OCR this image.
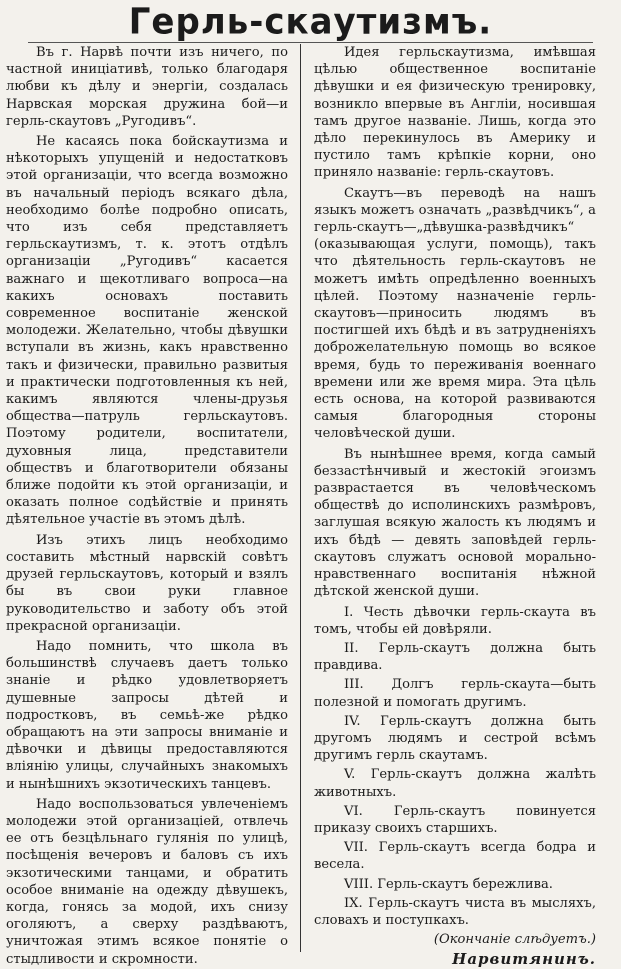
Герль-скаутизмъ.

Въ г. Нарвѣ почти изъ ничего, по частной иниціативѣ, только благодаря любви къ дѣлу и энергіи, создалась Нарвская морская дружина бой—и герль-скаутовъ „Ругодивъ“.

Не касаясь пока бойскаутизма и нѣкоторыхъ упущеній и недостатковъ этой организаціи, что всегда возможно въ начальный періодъ всякаго дѣла, необходимо болѣе подробно описать, что изъ себя представляетъ герльскаутизмъ, т. к. этотъ отдѣлъ организаціи „Ругодивъ“ касается важнаго и щекотливаго вопроса—на какихъ основахъ поставить современное воспитаніе женской молодежи. Желательно, чтобы дѣвушки вступали въ жизнь, какъ нравственно такъ и физически, правильно развитыя и практически подготовленныя къ ней, какимъ являются члены-друзья общества—патруль герльскаутовъ. Поэтому родители, воспитатели, духовныя лица, представители обществъ и благотворители обязаны ближе подойти къ этой организаціи, и оказать полное содѣйствіе и принять дѣятельное участіе въ этомъ дѣлѣ.

Изъ этихъ лицъ необходимо составить мѣстный нарвскій совѣтъ друзей герльскаутовъ, который и взялъ бы въ свои руки главное руководительство и заботу объ этой прекрасной организаціи.

Надо помнить, что школа въ большинствѣ случаевъ даетъ только знаніе и рѣдко удовлетворяетъ душевные запросы дѣтей и подростковъ, въ семьѣ-же рѣдко обращаютъ на эти запросы вниманіе и дѣвочки и дѣвицы предоставляются вліянію улицы, случайныхъ знакомыхъ и нынѣшнихъ экзотическихъ танцевъ.

Надо воспользоваться увлеченіемъ молодежи этой организаціей, отвлечь ее отъ безцѣльнаго гулянія по улицѣ, посѣщенія вечеровъ и баловъ съ ихъ экзотическими танцами, и обратить особое вниманіе на одежду дѣвушекъ, когда, гонясь за модой, ихъ снизу оголяютъ, а сверху раздѣваютъ, уничтожая этимъ всякое понятіе о стыдливости и скромности.

Идея герльскаутизма, имѣвшая цѣлью общественное воспитаніе дѣвушки и ея физическую тренировку, возникло впервые въ Англіи, носившая тамъ другое названіе. Лишь, когда это дѣло перекинулось въ Америку и пустило тамъ крѣпкіе корни, оно приняло названіе: герль-скаутовъ.

Скаутъ—въ переводѣ на нашъ языкъ можетъ означать „развѣдчикъ“, а герль-скаутъ—„дѣвушка-развѣдчикъ“ (оказывающая услуги, помощь), такъ что дѣятельность герль-скаутовъ не можетъ имѣть опредѣленно военныхъ цѣлей. Поэтому назначеніе герль-скаутовъ—приносить людямъ въ постигшей ихъ бѣдѣ и въ затрудненіяхъ доброжелательную помощь во всякое время, будь то переживанія военнаго времени или же время мира. Эта цѣль есть основа, на которой развиваются самыя благородныя стороны человѣческой души.

Въ нынѣшнее время, когда самый беззастѣнчивый и жестокій эгоизмъ разврастается въ человѣческомъ обществѣ до исполинскихъ размѣровъ, заглушая всякую жалость къ людямъ и ихъ бѣдѣ — девять заповѣдей герль-скаутовъ служатъ основой морально-нравственнаго воспитанія нѣжной дѣтской женской души.

I. Честь дѣвочки герль-скаута въ томъ, чтобы ей довѣряли.

II. Герль-скаутъ должна быть правдива.

III. Долгъ герль-скаута—быть полезной и помогать другимъ.

IV. Герль-скаутъ должна быть другомъ людямъ и сестрой всѣмъ другимъ герль скаутамъ.

V. Герль-скаутъ должна жалѣть животныхъ.

VI. Герль-скаутъ повинуется приказу своихъ старшихъ.

VII. Герль-скаутъ всегда бодра и весела.

VIII. Герль-скаутъ бережлива.

IX. Герль-скаутъ чиста въ мысляхъ, словахъ и поступкахъ.

(Окончаніе слѣдуетъ.)

Нарвитянинъ.
